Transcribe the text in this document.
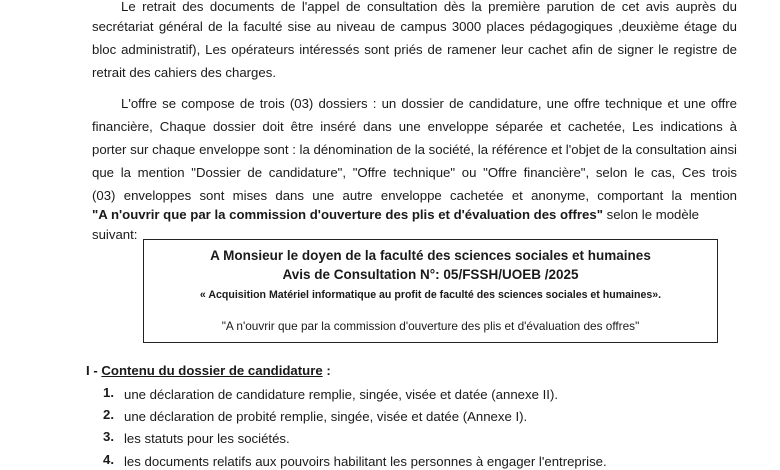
Le retrait des documents de l'appel de consultation dès la première parution de cet avis auprès du
secrétariat général de la faculté sise au niveau de campus 3000 places pédagogiques ,deuxième étage du
bloc administratif), Les opérateurs intéressés sont priés de ramener leur cachet afin de signer le registre de
retrait des cahiers des charges.
L'offre se compose de trois (03) dossiers : un dossier de candidature, une offre technique et une offre
financière, Chaque dossier doit être inséré dans une enveloppe séparée et cachetée, Les indications à
porter sur chaque enveloppe sont : la dénomination de la société, la référence et l'objet de la consultation ainsi
que la mention "Dossier de candidature", "Offre technique" ou "Offre financière", selon le cas, Ces trois
(03) enveloppes sont mises dans une autre enveloppe cachetée et anonyme, comportant la mention
"A n'ouvrir que par la commission d'ouverture des plis et d'évaluation des offres" selon le modèle
suivant:
A Monsieur le doyen de la faculté des sciences sociales et humaines
Avis de Consultation N°: 05/FSSH/UOEB /2025
« Acquisition Matériel informatique au profit de faculté des sciences sociales et humaines».
"A n'ouvrir que par la commission d'ouverture des plis et d'évaluation des offres"
I - Contenu du dossier de candidature :
1. une déclaration de candidature remplie, singée, visée et datée (annexe II).
2. une déclaration de probité remplie, singée, visée et datée (Annexe I).
3. les statuts pour les sociétés.
4. les documents relatifs aux pouvoirs habilitant les personnes à engager l'entreprise.
